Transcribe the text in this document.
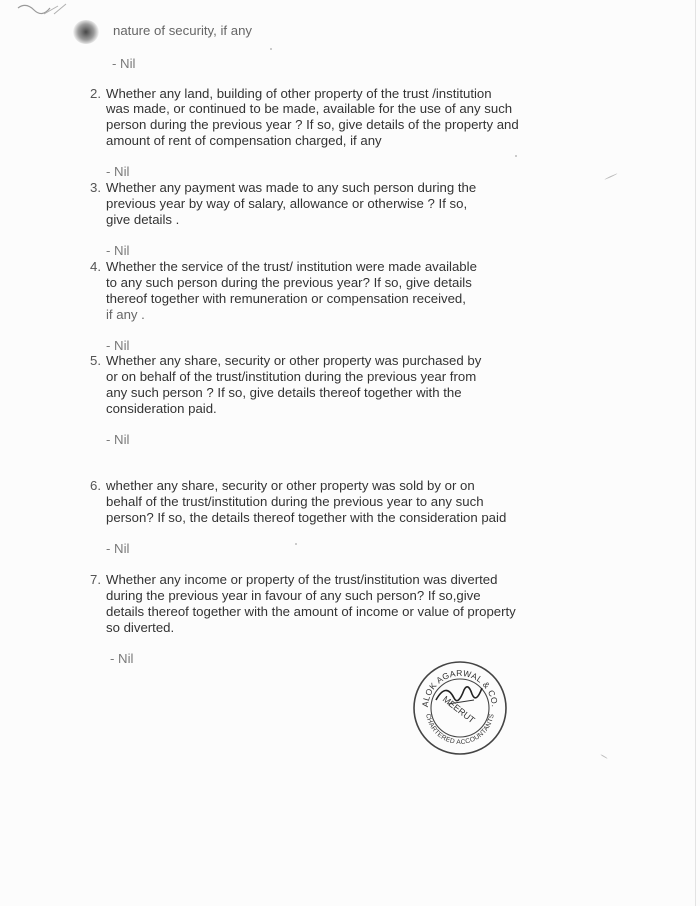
nature of security, if any
- Nil
2. Whether any land, building of other property of the trust /institution
was made, or continued to be made, available for the use of any such
person during the previous year ? If so, give details of the property and
amount of rent of compensation charged, if any
- Nil
3. Whether any payment was made to any such person during the
previous year by way of salary, allowance or otherwise ? If so,
give details .
- Nil
4. Whether the service of the trust/ institution were made available
to any such person during the previous year? If so, give details
thereof together with remuneration or compensation received,
if any .
- Nil
5. Whether any share, security or other property was purchased by
or on behalf of the trust/institution during the previous year from
any such person ? If so, give details thereof together with the
consideration paid.
- Nil
6. whether any share, security or other property was sold by or on
behalf of the trust/institution during the previous year to any such
person? If so, the details thereof together with the consideration paid
- Nil
7. Whether any income or property of the trust/institution was diverted
during the previous year in favour of any such person? If so,give
details thereof together with the amount of income or value of property
so diverted.
- Nil
ALOK AGARWAL & CO.
CHARTERED ACCOUNTANTS
MEERUT
